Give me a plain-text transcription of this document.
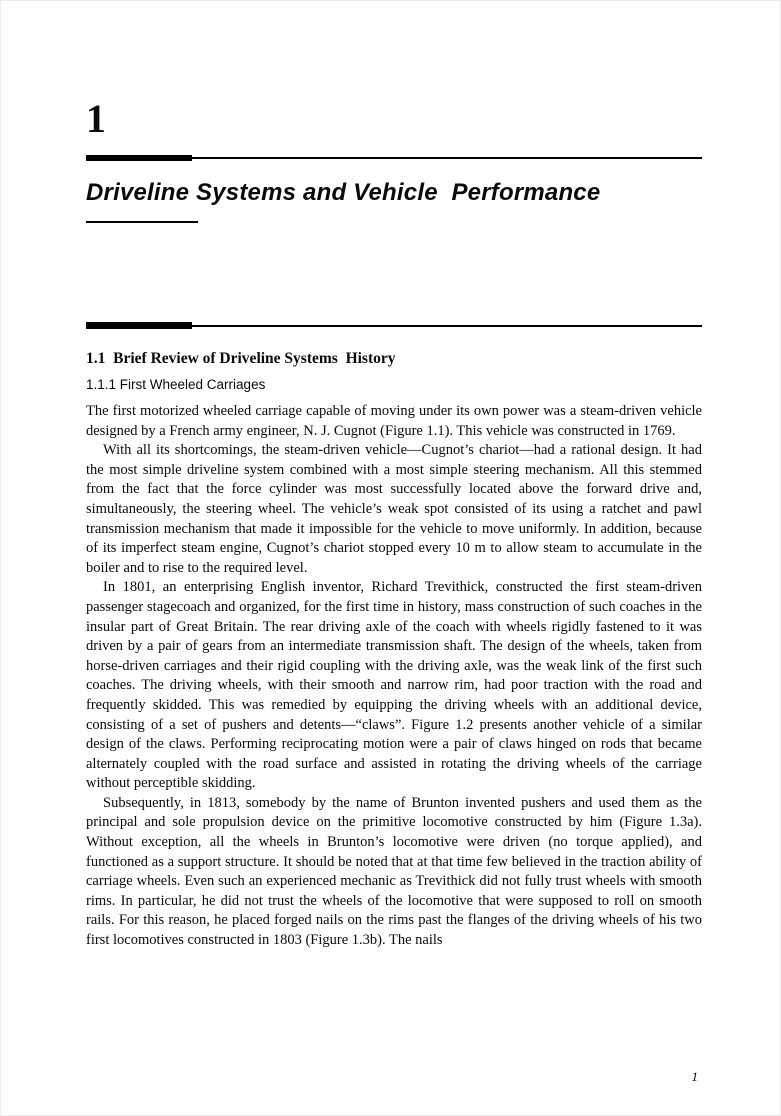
1
Driveline Systems and Vehicle  Performance
1.1  Brief Review of Driveline Systems  History
1.1.1 First Wheeled Carriages

The first motorized wheeled carriage capable of moving under its own power was a steam-driven vehicle designed by a French army engineer, N. J. Cugnot (Figure 1.1). This vehicle was constructed in 1769.

With all its shortcomings, the steam-driven vehicle—Cugnot’s chariot—had a rational design. It had the most simple driveline system combined with a most simple steering mechanism. All this stemmed from the fact that the force cylinder was most successfully located above the forward drive and, simultaneously, the steering wheel. The vehicle’s weak spot consisted of its using a ratchet and pawl transmission mechanism that made it impossible for the vehicle to move uniformly. In addition, because of its imperfect steam engine, Cugnot’s chariot stopped every 10 m to allow steam to accumulate in the boiler and to rise to the required level.

In 1801, an enterprising English inventor, Richard Trevithick, constructed the first steam-driven passenger stagecoach and organized, for the first time in history, mass construction of such coaches in the insular part of Great Britain. The rear driving axle of the coach with wheels rigidly fastened to it was driven by a pair of gears from an intermediate transmission shaft. The design of the wheels, taken from horse-driven carriages and their rigid coupling with the driving axle, was the weak link of the first such coaches. The driving wheels, with their smooth and narrow rim, had poor traction with the road and frequently skidded. This was remedied by equipping the driving wheels with an additional device, consisting of a set of pushers and detents—“claws”. Figure 1.2 presents another vehicle of a similar design of the claws. Performing reciprocating motion were a pair of claws hinged on rods that became alternately coupled with the road surface and assisted in rotating the driving wheels of the carriage without perceptible skidding.

Subsequently, in 1813, somebody by the name of Brunton invented pushers and used them as the principal and sole propulsion device on the primitive locomotive constructed by him (Figure 1.3a). Without exception, all the wheels in Brunton’s locomotive were driven (no torque applied), and functioned as a support structure. It should be noted that at that time few believed in the traction ability of carriage wheels. Even such an experienced mechanic as Trevithick did not fully trust wheels with smooth rims. In particular, he did not trust the wheels of the locomotive that were supposed to roll on smooth rails. For this reason, he placed forged nails on the rims past the flanges of the driving wheels of his two first locomotives constructed in 1803 (Figure 1.3b). The nails

1
